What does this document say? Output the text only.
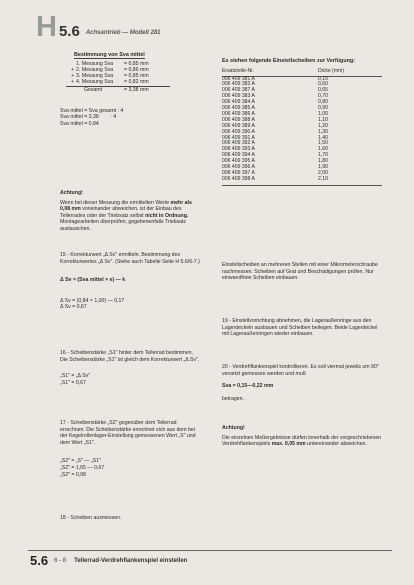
H 5.6 Achsantrieb — Modell 281
Bestimmung von Sva mittel
1. Messung Sva	= 0,85 mm
+ 2. Messung Sva	= 0,86 mm
+ 3. Messung Sva	= 0,85 mm
+ 4. Messung Sva	= 0,82 mm
Gesamt	= 3,38 mm
Sva mittel = Sva gesamt : 4
Sva mittel = 3,38        : 4
Sva mittel = 0,84
Achtung!
Wenn bei dieser Messung die ermittelten Werte mehr als 0,08 mm voneinander abweichen, ist der Einbau des Tellerrades oder der Triebsatz selbst nicht in Ordnung. Montagearbeiten überprüfen, gegebenenfalls Triebsatz austauschen.
15 - Korrekturwert „Δ Sv" ermitteln. Bestimmung des Korrekturwertes „Δ Sv". (Siehe auch Tabelle Seite H 5.6/6-7.)
Δ Sv = (Sva mittel × e) — k
Δ Sv = (0,84 × 1,00) — 0,17
Δ Sv = 0,67
16 - Scheibenstärke „S1" hinter dem Tellerrad bestimmen. Die Scheibenstärke „S1" ist gleich dem Korrekturwert „Δ Sv".
„S1" = „Δ Sv"
„S1" = 0,67
17 - Scheibenstärke „S2" gegenüber dem Tellerrad errechnen. Die Scheibenstärke errechnet sich aus dem bei der Kegelrollenlager-Einstellung gemessenen Wert „S" und dem Wert „S1".
„S2" = „S" — „S1"
„S2" = 1,65 — 0,67
„S2" = 0,98
18 - Scheiben ausmessen.
Es stehen folgende Einstellscheiben zur Verfügung:
Ersatzteile-Nr.	Dicke (mm)
006 409 381 A	0,15
006 409 382 A	0,60
006 409 387 A	0,65
006 409 383 A	0,70
006 409 384 A	0,80
006 409 385 A	0,90
006 409 386 A	1,00
006 409 388 A	1,10
006 409 389 A	1,20
006 409 390 A	1,30
006 409 391 A	1,40
006 409 392 A	1,50
006 409 393 A	1,60
006 409 394 A	1,70
006 409 395 A	1,80
006 409 396 A	1,90
006 409 397 A	2,00
006 409 398 A	2,10
Einstellscheiben an mehreren Stellen mit einer Mikrometerschraube nachmessen. Scheiben auf Grat und Beschädigungen prüfen. Nur einwandfreie Scheiben einbauen.
19 - Einstellvorrichtung abnehmen, die Lageraußenringe aus den Lagerdeckeln ausbauen und Scheiben beilegen. Beide Lagerdeckel mit Lageraußenringen wieder einbauen.
20 - Verdrehflankenspiel kontrollieren. Es soll viermal jeweils um 90° versetzt gemessen werden und muß
Sva = 0,15—0,22 mm
betragen.
Achtung!
Die einzelnen Meßergebnisse dürfen innerhalb der vorgeschriebenen Verdrehflankenspiels max. 0,05 mm untereinander abweichen.
5.6 6 - 8 Tellerrad-Verdrehflankenspiel einstellen
